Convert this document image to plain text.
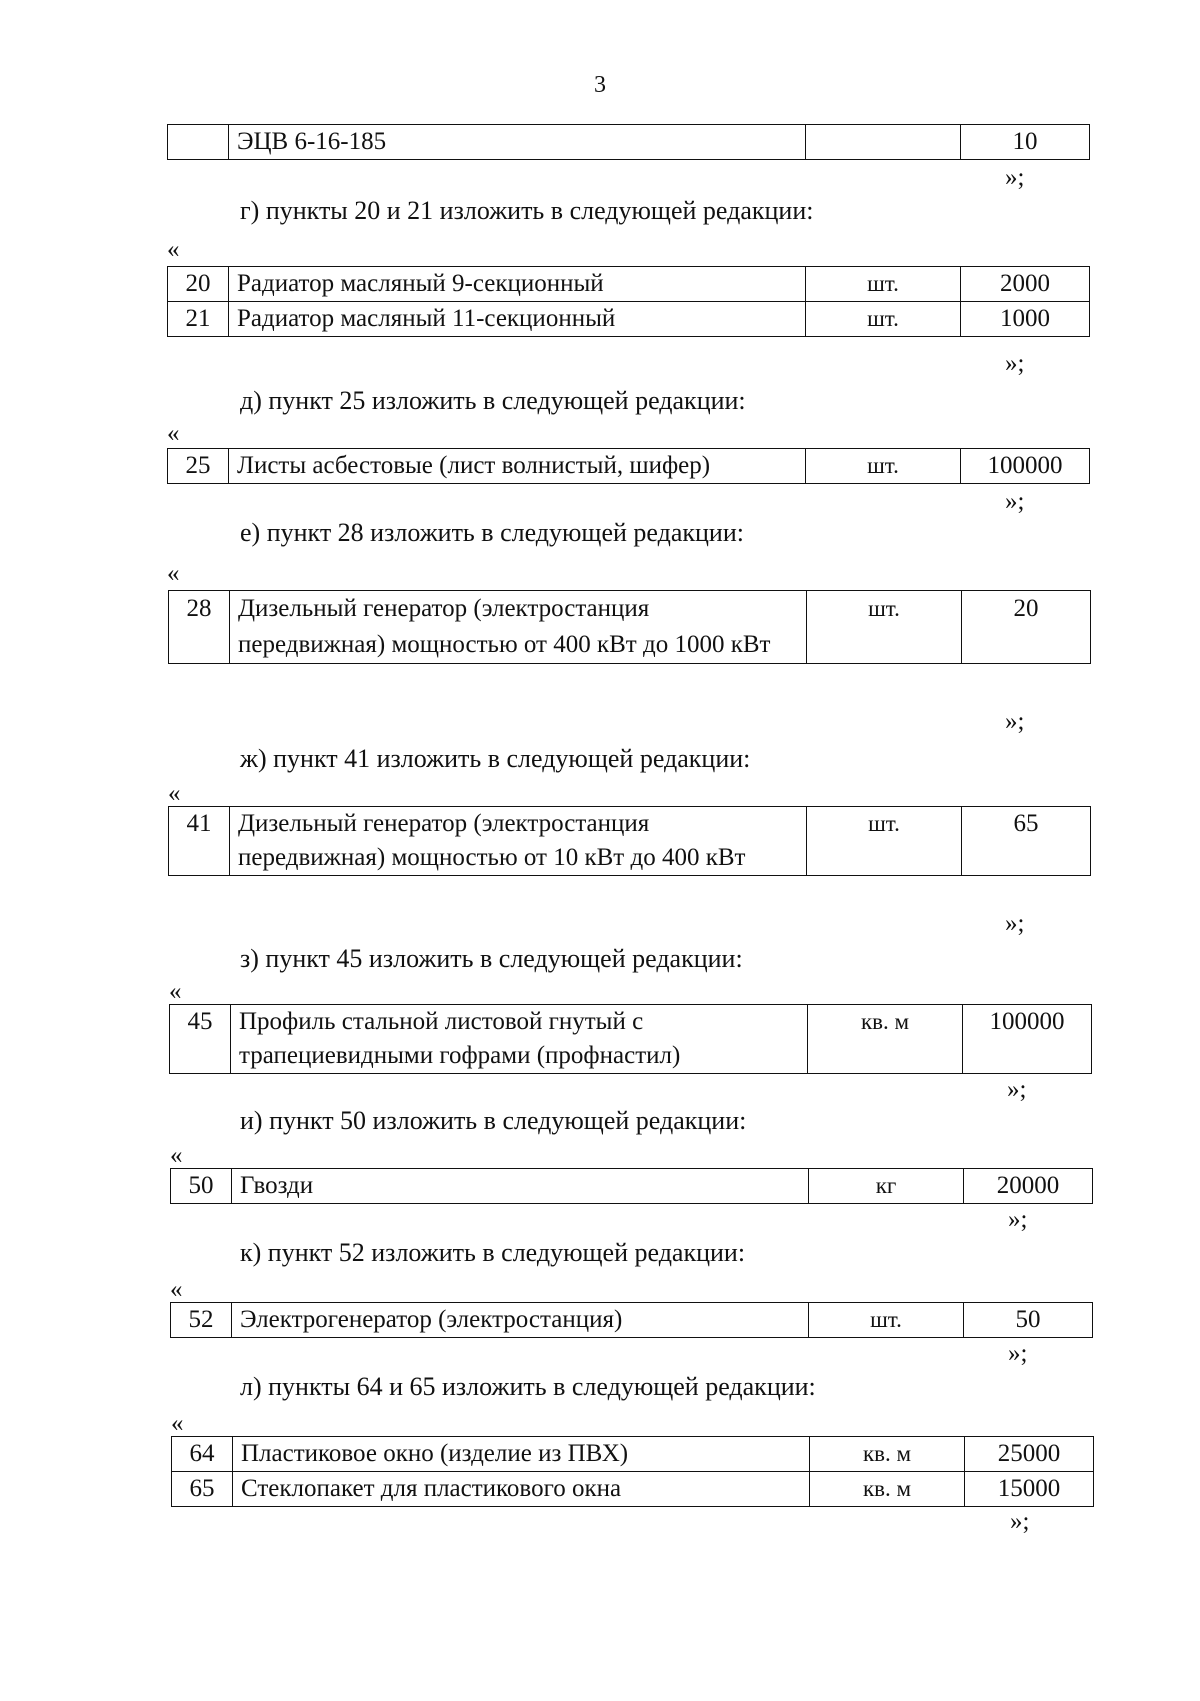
3
	ЭЦВ 6-16-185		10
»;
г) пункты 20 и 21 изложить в следующей редакции:
«
20	Радиатор масляный 9-секционный	шт.	2000
21	Радиатор масляный 11-секционный	шт.	1000
»;
д) пункт 25 изложить в следующей редакции:
«
25	Листы асбестовые (лист волнистый, шифер)	шт.	100000
»;
е) пункт 28 изложить в следующей редакции:
«
28	Дизельный генератор (электростанция передвижная) мощностью от 400 кВт до 1000 кВт	шт.	20
»;
ж) пункт 41 изложить в следующей редакции:
«
41	Дизельный генератор (электростанция передвижная) мощностью от 10 кВт до 400 кВт	шт.	65
»;
з) пункт 45 изложить в следующей редакции:
«
45	Профиль стальной листовой гнутый с трапециевидными гофрами (профнастил)	кв. м	100000
»;
и) пункт 50 изложить в следующей редакции:
«
50	Гвозди	кг	20000
»;
к) пункт 52 изложить в следующей редакции:
«
52	Электрогенератор (электростанция)	шт.	50
»;
л) пункты 64 и 65 изложить в следующей редакции:
«
64	Пластиковое окно (изделие из ПВХ)	кв. м	25000
65	Стеклопакет для пластикового окна	кв. м	15000
»;
